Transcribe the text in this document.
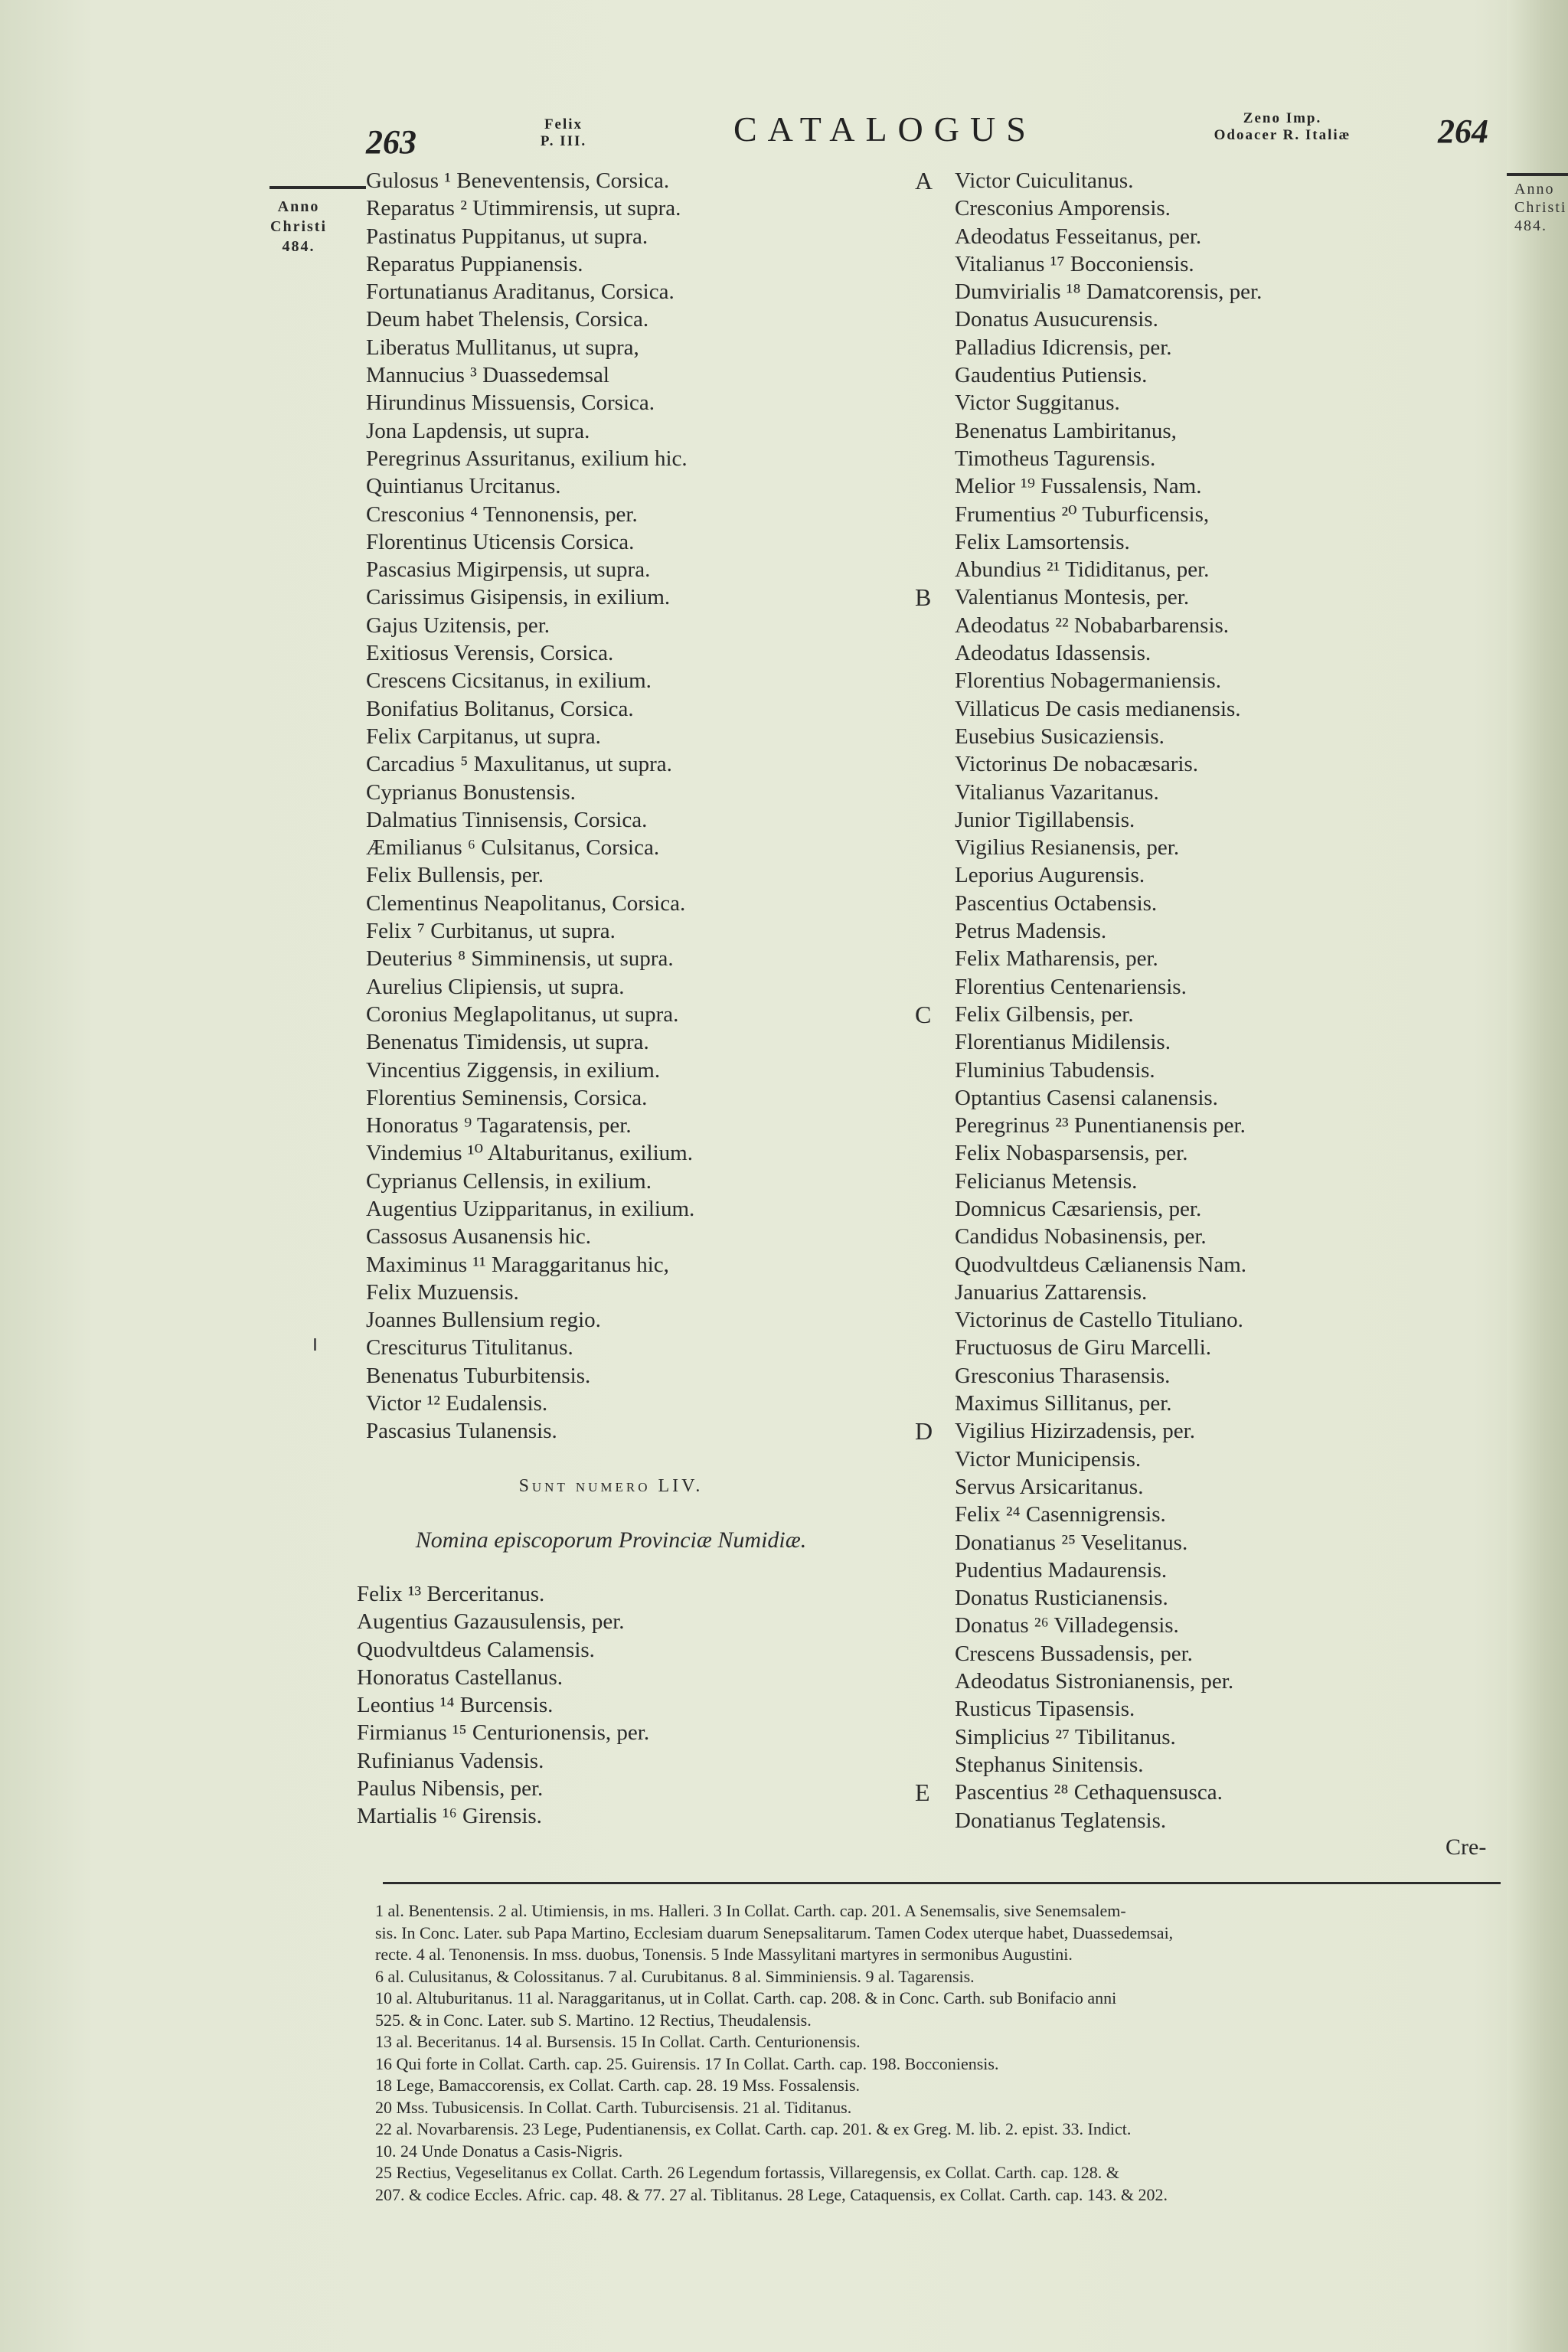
Anno
Christi
484.
263	Felix
P. III.	CATALOGUS	Zeno Imp.
Odoacer R. Italiæ	264
Anno
Christi
484.
Gulosus ¹ Beneventensis, Corsica.
Reparatus ² Utimmirensis, ut supra.
Pastinatus Puppitanus, ut supra.
Reparatus Puppianensis.
Fortunatianus Araditanus, Corsica.
Deum habet Thelensis, Corsica.
Liberatus Mullitanus, ut supra,
Mannucius ³ Duassedemsal
Hirundinus Missuensis, Corsica.
Jona Lapdensis, ut supra.
Peregrinus Assuritanus, exilium hic.
Quintianus Urcitanus.
Cresconius ⁴ Tennonensis, per.
Florentinus Uticensis Corsica.
Pascasius Migirpensis, ut supra.
Carissimus Gisipensis, in exilium.
Gajus Uzitensis, per.
Exitiosus Verensis, Corsica.
Crescens Cicsitanus, in exilium.
Bonifatius Bolitanus, Corsica.
Felix Carpitanus, ut supra.
Carcadius ⁵ Maxulitanus, ut supra.
Cyprianus Bonustensis.
Dalmatius Tinnisensis, Corsica.
Æmilianus ⁶ Culsitanus, Corsica.
Felix Bullensis, per.
Clementinus Neapolitanus, Corsica.
Felix ⁷ Curbitanus, ut supra.
Deuterius ⁸ Simminensis, ut supra.
Aurelius Clipiensis, ut supra.
Coronius Meglapolitanus, ut supra.
Benenatus Timidensis, ut supra.
Vincentius Ziggensis, in exilium.
Florentius Seminensis, Corsica.
Honoratus ⁹ Tagaratensis, per.
Vindemius ¹⁰ Altaburitanus, exilium.
Cyprianus Cellensis, in exilium.
Augentius Uzipparitanus, in exilium.
Cassosus Ausanensis hic.
Maximinus ¹¹ Maraggaritanus hic,
Felix Muzuensis.
Joannes Bullensium regio.
Cresciturus Titulitanus.
Benenatus Tuburbitensis.
Victor ¹² Eudalensis.
Pascasius Tulanensis.
A Victor Cuiculitanus.
Cresconius Amporensis.
Adeodatus Fesseitanus, per.
Vitalianus ¹⁷ Bocconiensis.
Dumvirialis ¹⁸ Damatcorensis, per.
Donatus Ausucurensis.
Palladius Idicrensis, per.
Gaudentius Putiensis.
Victor Suggitanus.
Benenatus Lambiritanus,
Timotheus Tagurensis.
Melior ¹⁹ Fussalensis, Nam.
Frumentius ²⁰ Tuburficensis,
Felix Lamsortensis.
Abundius ²¹ Tididitanus, per.
B Valentianus Montesis, per.
Adeodatus ²² Nobabarbarensis.
Adeodatus Idassensis.
Florentius Nobagermaniensis.
Villaticus De casis medianensis.
Eusebius Susicaziensis.
Victorinus De nobacæsaris.
Vitalianus Vazaritanus.
Junior Tigillabensis.
Vigilius Resianensis, per.
Leporius Augurensis.
Pascentius Octabensis.
Petrus Madensis.
Felix Matharensis, per.
Florentius Centenariensis.
C Felix Gilbensis, per.
Florentianus Midilensis.
Fluminius Tabudensis.
Optantius Casensi calanensis.
Peregrinus ²³ Punentianensis per.
Felix Nobasparsensis, per.
Felicianus Metensis.
Domnicus Cæsariensis, per.
Candidus Nobasinensis, per.
Quodvultdeus Cælianensis Nam.
Januarius Zattarensis.
Victorinus de Castello Tituliano.
Fructuosus de Giru Marcelli.
Gresconius Tharasensis.
Maximus Sillitanus, per.
D Vigilius Hizirzadensis, per.
Victor Municipensis.
Servus Arsicaritanus.
Felix ²⁴ Casennigrensis.
Donatianus ²⁵ Veselitanus.
Pudentius Madaurensis.
Donatus Rusticianensis.
Donatus ²⁶ Villadegensis.
Crescens Bussadensis, per.
Adeodatus Sistronianensis, per.
Rusticus Tipasensis.
Simplicius ²⁷ Tibilitanus.
Stephanus Sinitensis.
E Pascentius ²⁸ Cethaquensusca.
Donatianus Teglatensis.
Sunt numero LIV.
Nomina episcoporum Provinciæ Numidiæ.
Felix ¹³ Berceritanus.
Augentius Gazausulensis, per.
Quodvultdeus Calamensis.
Honoratus Castellanus.
Leontius ¹⁴ Burcensis.
Firmianus ¹⁵ Centurionensis, per.
Rufinianus Vadensis.
Paulus Nibensis, per.
Martialis ¹⁶ Girensis.
Cre-
1 al. Benentensis. 2 al. Utimiensis, in ms. Halleri. 3 In Collat. Carth. cap. 201. A Senemsalis, sive Senemsalem-
sis. In Conc. Later. sub Papa Martino, Ecclesiam duarum Senepsalitarum. Tamen Codex uterque habet, Duassedemsai,
recte. 4 al. Tenonensis. In mss. duobus, Tonensis. 5 Inde Massylitani martyres in sermonibus Augustini.
6 al. Culusitanus, & Colossitanus. 7 al. Curubitanus. 8 al. Simminiensis. 9 al. Tagarensis.
10 al. Altuburitanus. 11 al. Naraggaritanus, ut in Collat. Carth. cap. 208. & in Conc. Carth. sub Bonifacio anni
525. & in Conc. Later. sub S. Martino. 12 Rectius, Theudalensis.
13 al. Beceritanus. 14 al. Bursensis. 15 In Collat. Carth. Centurionensis.
16 Qui forte in Collat. Carth. cap. 25. Guirensis. 17 In Collat. Carth. cap. 198. Bocconiensis.
18 Lege, Bamaccorensis, ex Collat. Carth. cap. 28. 19 Mss. Fossalensis.
20 Mss. Tubusicensis. In Collat. Carth. Tuburcisensis. 21 al. Tiditanus.
22 al. Novarbarensis. 23 Lege, Pudentianensis, ex Collat. Carth. cap. 201. & ex Greg. M. lib. 2. epist. 33. Indict.
10. 24 Unde Donatus a Casis-Nigris.
25 Rectius, Vegeselitanus ex Collat. Carth. 26 Legendum fortassis, Villaregensis, ex Collat. Carth. cap. 128. &
207. & codice Eccles. Afric. cap. 48. & 77. 27 al. Tiblitanus. 28 Lege, Cataquensis, ex Collat. Carth. cap. 143. & 202.
